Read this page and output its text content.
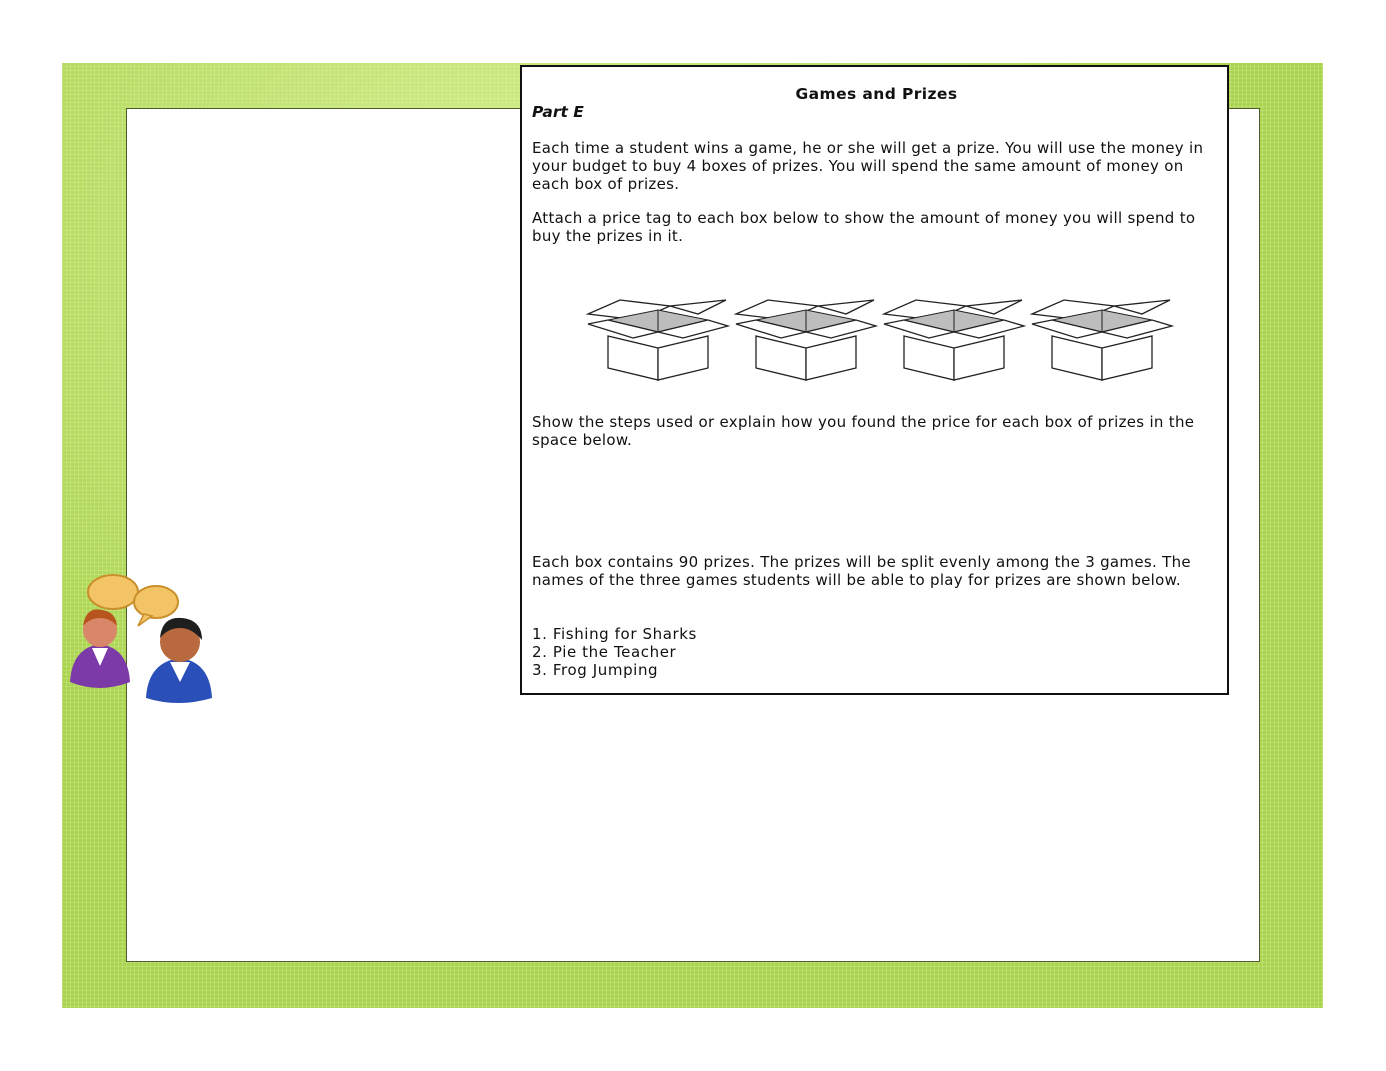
Games and Prizes
Part E

Each time a student wins a game, he or she will get a prize. You will use the money in your budget to buy 4 boxes of prizes. You will spend the same amount of money on each box of prizes.

Attach a price tag to each box below to show the amount of money you will spend to buy the prizes in it.

Show the steps used or explain how you found the price for each box of prizes in the space below.

Each box contains 90 prizes. The prizes will be split evenly among the 3 games. The names of the three games students will be able to play for prizes are shown below.

1. Fishing for Sharks
2. Pie the Teacher
3. Frog Jumping
